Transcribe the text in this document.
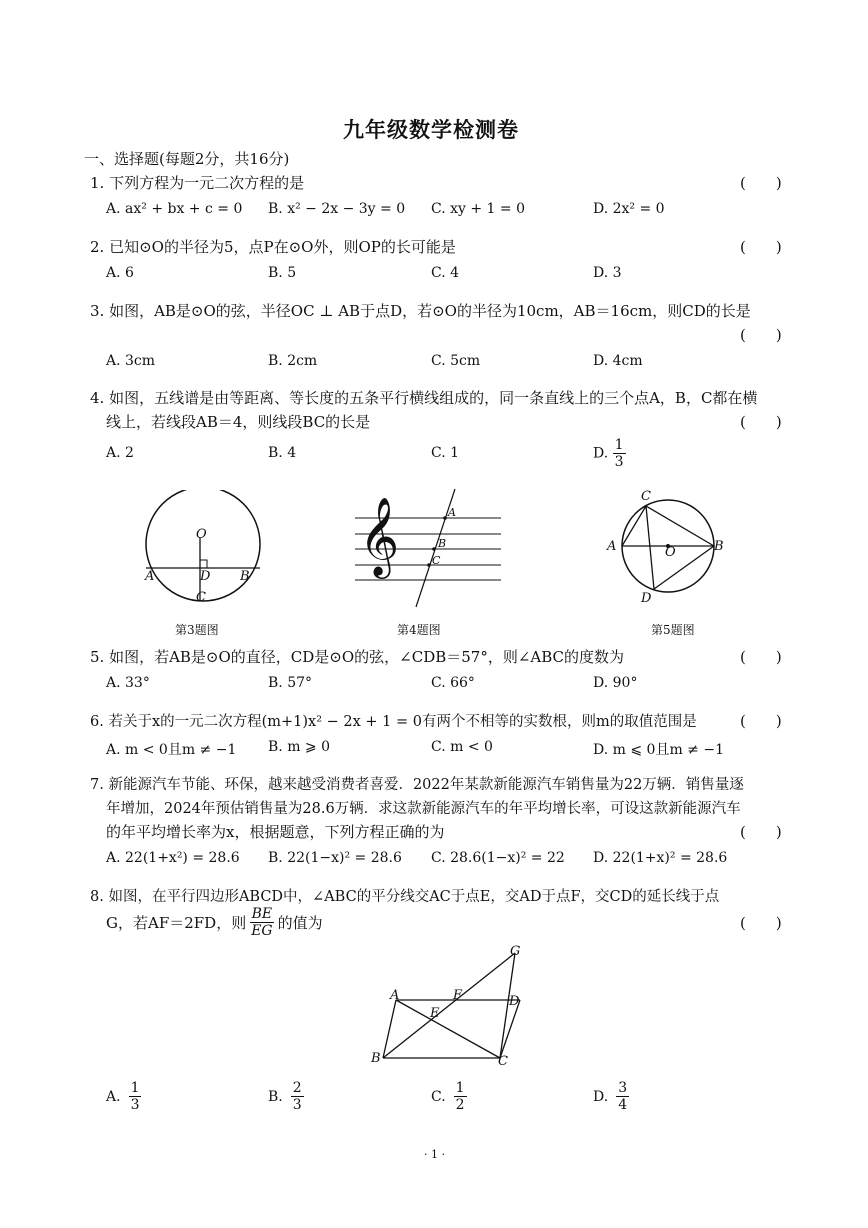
九年级数学检测卷
一、选择题(每题2分，共16分)
1. 下列方程为一元二次方程的是	(　　)
A. ax² + bx + c = 0 B. x² − 2x − 3y = 0 C. xy + 1 = 0	D. 2x² = 0
2. 已知⊙O的半径为5，点P在⊙O外，则OP的长可能是	(　　)
A. 6	B. 5	C. 4	D. 3
3. 如图，AB是⊙O的弦，半径OC ⊥ AB于点D，若⊙O的半径为10cm，AB＝16cm，则CD的长是
(　　)
A. 3cm	B. 2cm	C. 5cm	D. 4cm
4. 如图，五线谱是由等距离、等长度的五条平行横线组成的，同一条直线上的三个点A，B，C都在横
线上，若线段AB＝4，则线段BC的长是	(　　)
A. 2	B. 4	C. 1	D. $\frac{1}{3}$
O
A	D B
C
第3题图
𝄞	A
B
C
第4题图
C
A	O	B
D
第5题图
5. 如图，若AB是⊙O的直径，CD是⊙O的弦，∠CDB＝57°，则∠ABC的度数为	(　　)
A. 33°	B. 57°	C. 66°	D. 90°
6. 若关于x的一元二次方程(m+1)x² − 2x + 1 = 0有两个不相等的实数根，则m的取值范围是	(　　)
A. m < 0且m ≠ −1 B. m ⩾ 0	C. m < 0	D. m ⩽ 0且m ≠ −1
7. 新能源汽车节能、环保，越来越受消费者喜爱．2022年某款新能源汽车销售量为22万辆．销售量逐
年增加，2024年预估销售量为28.6万辆．求这款新能源汽车的年平均增长率，可设这款新能源汽车
的年平均增长率为x，根据题意，下列方程正确的为	(　　)
A. 22(1+x²) = 28.6 B. 22(1−x)² = 28.6 C. 28.6(1−x)² = 22 D. 22(1+x)² = 28.6
8. 如图，在平行四边形ABCD中，∠ABC的平分线交AC于点E，交AD于点F，交CD的延长线于点
G，若AF＝2FD，则 $\frac{BE}{EG}$ 的值为	(　　)
A	F	D
E
B	C
G
A. $\frac{1}{3}$	B. $\frac{2}{3}$	C. $\frac{1}{2}$	D. $\frac{3}{4}$
· 1 ·
